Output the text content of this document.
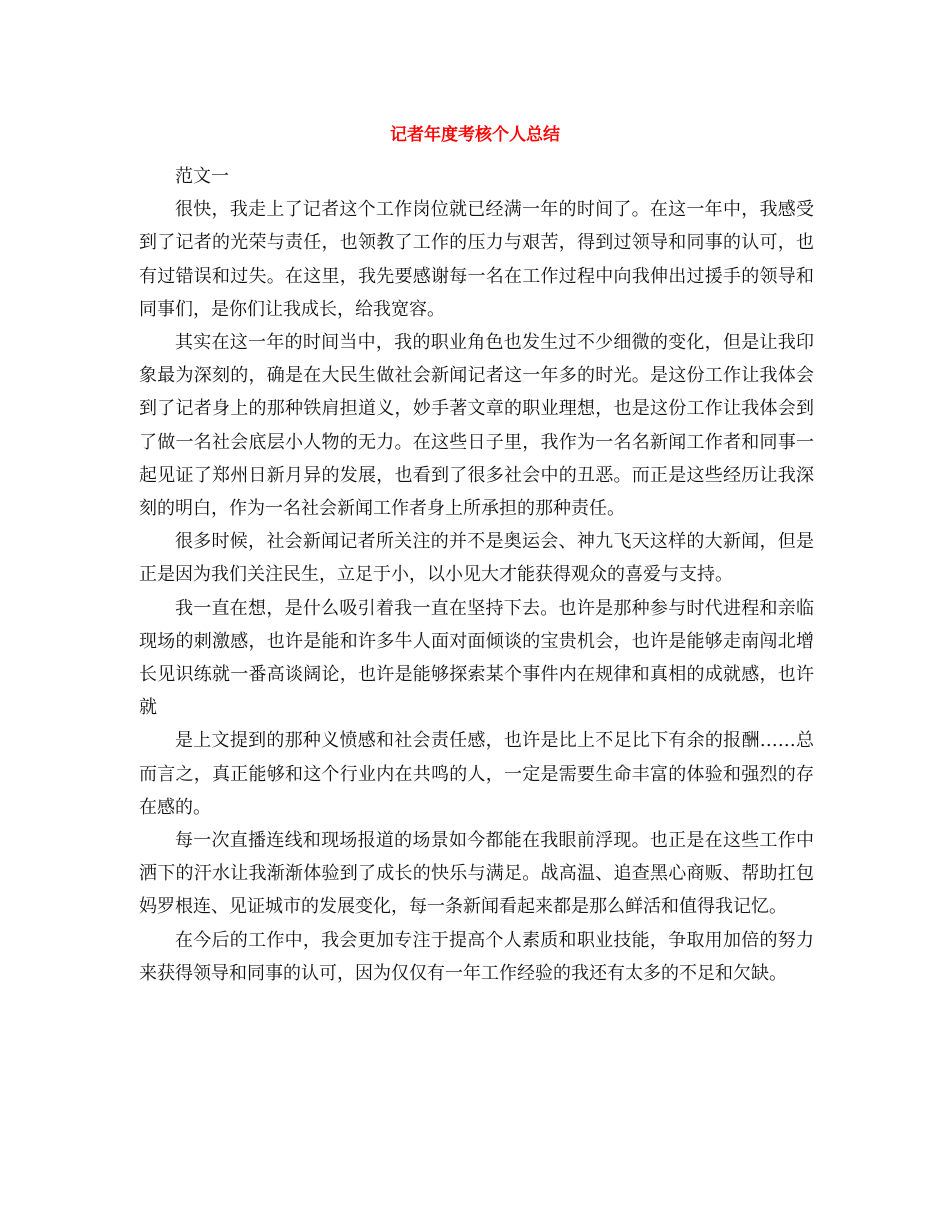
记者年度考核个人总结

范文一

很快，我走上了记者这个工作岗位就已经满一年的时间了。在这一年中，我感受到了记者的光荣与责任，也领教了工作的压力与艰苦，得到过领导和同事的认可，也有过错误和过失。在这里，我先要感谢每一名在工作过程中向我伸出过援手的领导和同事们，是你们让我成长，给我宽容。

其实在这一年的时间当中，我的职业角色也发生过不少细微的变化，但是让我印象最为深刻的，确是在大民生做社会新闻记者这一年多的时光。是这份工作让我体会到了记者身上的那种铁肩担道义，妙手著文章的职业理想，也是这份工作让我体会到了做一名社会底层小人物的无力。在这些日子里，我作为一名名新闻工作者和同事一起见证了郑州日新月异的发展，也看到了很多社会中的丑恶。而正是这些经历让我深刻的明白，作为一名社会新闻工作者身上所承担的那种责任。

很多时候，社会新闻记者所关注的并不是奥运会、神九飞天这样的大新闻，但是正是因为我们关注民生，立足于小，以小见大才能获得观众的喜爱与支持。

我一直在想，是什么吸引着我一直在坚持下去。也许是那种参与时代进程和亲临现场的刺激感，也许是能和许多牛人面对面倾谈的宝贵机会，也许是能够走南闯北增长见识练就一番高谈阔论，也许是能够探索某个事件内在规律和真相的成就感，也许就

是上文提到的那种义愤感和社会责任感，也许是比上不足比下有余的报酬……总而言之，真正能够和这个行业内在共鸣的人，一定是需要生命丰富的体验和强烈的存在感的。

每一次直播连线和现场报道的场景如今都能在我眼前浮现。也正是在这些工作中洒下的汗水让我渐渐体验到了成长的快乐与满足。战高温、追查黑心商贩、帮助扛包妈罗根连、见证城市的发展变化，每一条新闻看起来都是那么鲜活和值得我记忆。

在今后的工作中，我会更加专注于提高个人素质和职业技能，争取用加倍的努力来获得领导和同事的认可，因为仅仅有一年工作经验的我还有太多的不足和欠缺。
